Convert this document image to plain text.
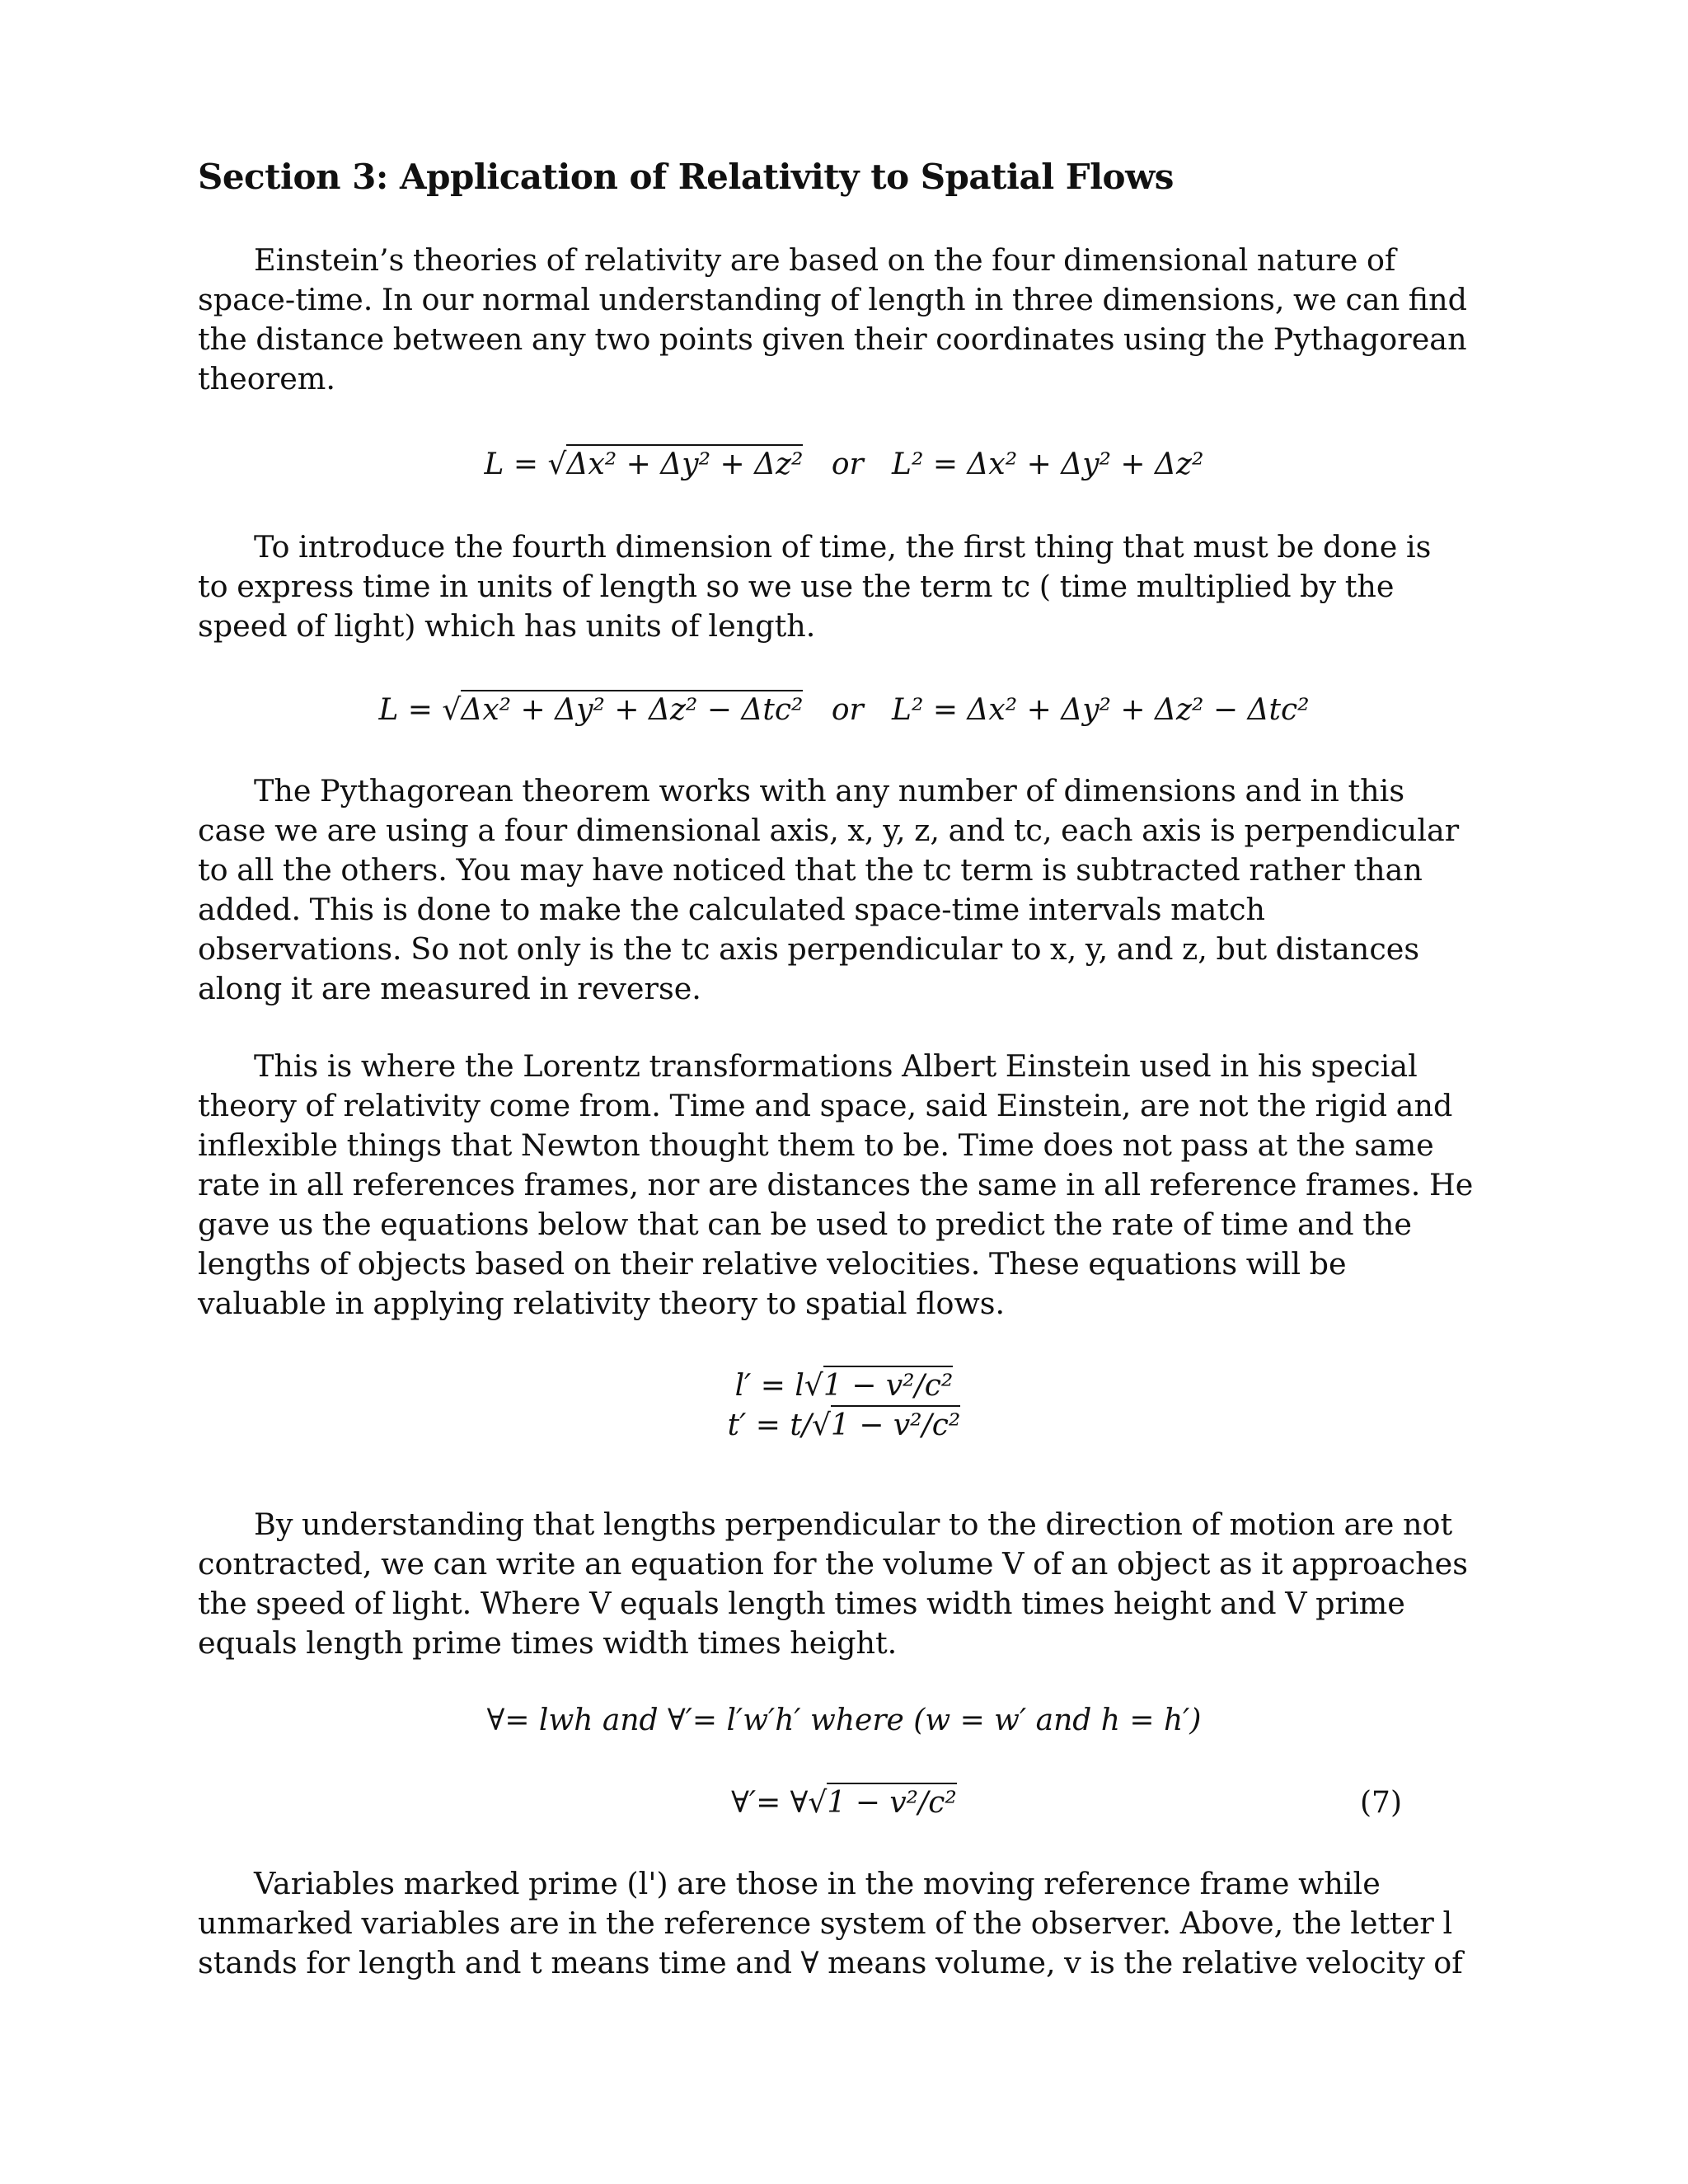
Section 3: Application of Relativity to Spatial Flows

Einstein’s theories of relativity are based on the four dimensional nature of
space-time. In our normal understanding of length in three dimensions, we can find
the distance between any two points given their coordinates using the Pythagorean
theorem.

L = √Δx² + Δy² + Δz² or L² = Δx² + Δy² + Δz²

To introduce the fourth dimension of time, the first thing that must be done is
to express time in units of length so we use the term tc ( time multiplied by the
speed of light) which has units of length.

L = √Δx² + Δy² + Δz² − Δtc² or L² = Δx² + Δy² + Δz² − Δtc²

The Pythagorean theorem works with any number of dimensions and in this
case we are using a four dimensional axis, x, y, z, and tc, each axis is perpendicular
to all the others. You may have noticed that the tc term is subtracted rather than
added. This is done to make the calculated space-time intervals match
observations. So not only is the tc axis perpendicular to x, y, and z, but distances
along it are measured in reverse.

This is where the Lorentz transformations Albert Einstein used in his special
theory of relativity come from. Time and space, said Einstein, are not the rigid and
inflexible things that Newton thought them to be. Time does not pass at the same
rate in all references frames, nor are distances the same in all reference frames. He
gave us the equations below that can be used to predict the rate of time and the
lengths of objects based on their relative velocities. These equations will be
valuable in applying relativity theory to spatial flows.

l′ = l√1 − v²/c²
t′ = t/√1 − v²/c²

By understanding that lengths perpendicular to the direction of motion are not
contracted, we can write an equation for the volume V of an object as it approaches
the speed of light. Where V equals length times width times height and V prime
equals length prime times width times height.

∀= lwh and ∀′= l′w′h′ where (w = w′ and h = h′)
∀′= ∀√1 − v²/c²	(7)

Variables marked prime (l') are those in the moving reference frame while
unmarked variables are in the reference system of the observer. Above, the letter l
stands for length and t means time and ∀ means volume, v is the relative velocity of
